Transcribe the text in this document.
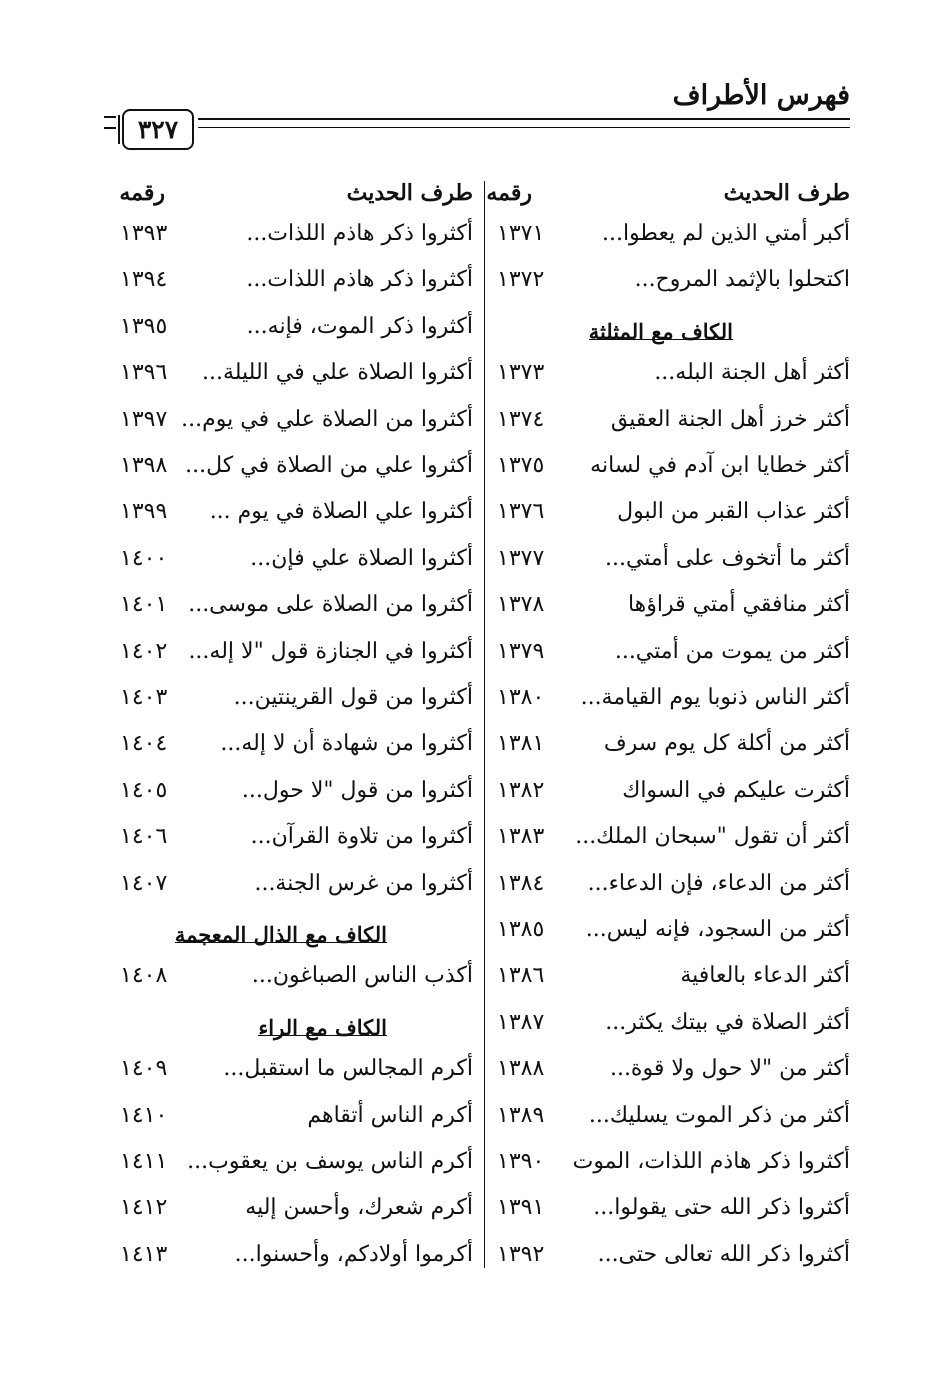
فهرس الأطراف
٣٢٧
طرف الحديث
رقمه
طرف الحديث
رقمه
أكبر أمتي الذين لم يعطوا...
١٣٧١
اكتحلوا بالإثمد المروح...
١٣٧٢
الكاف مع المثلثة
أكثر أهل الجنة البله...
١٣٧٣
أكثر خرز أهل الجنة العقيق
١٣٧٤
أكثر خطايا ابن آدم في لسانه
١٣٧٥
أكثر عذاب القبر من البول
١٣٧٦
أكثر ما أتخوف على أمتي...
١٣٧٧
أكثر منافقي أمتي قراؤها
١٣٧٨
أكثر من يموت من أمتي...
١٣٧٩
أكثر الناس ذنوبا يوم القيامة...
١٣٨٠
أكثر من أكلة كل يوم سرف
١٣٨١
أكثرت عليكم في السواك
١٣٨٢
أكثر أن تقول "سبحان الملك...
١٣٨٣
أكثر من الدعاء، فإن الدعاء...
١٣٨٤
أكثر من السجود، فإنه ليس...
١٣٨٥
أكثر الدعاء بالعافية
١٣٨٦
أكثر الصلاة في بيتك يكثر...
١٣٨٧
أكثر من "لا حول ولا قوة...
١٣٨٨
أكثر من ذكر الموت يسليك...
١٣٨٩
أكثروا ذكر هاذم اللذات، الموت
١٣٩٠
أكثروا ذكر الله حتى يقولوا...
١٣٩١
أكثروا ذكر الله تعالى حتى...
١٣٩٢
أكثروا ذكر هاذم اللذات...
١٣٩٣
أكثروا ذكر هاذم اللذات...
١٣٩٤
أكثروا ذكر الموت، فإنه...
١٣٩٥
أكثروا الصلاة علي في الليلة...
١٣٩٦
أكثروا من الصلاة علي في يوم...
١٣٩٧
أكثروا علي من الصلاة في كل...
١٣٩٨
أكثروا علي الصلاة في يوم ...
١٣٩٩
أكثروا الصلاة علي فإن...
١٤٠٠
أكثروا من الصلاة على موسى...
١٤٠١
أكثروا في الجنازة قول "لا إله...
١٤٠٢
أكثروا من قول القرينتين...
١٤٠٣
أكثروا من شهادة أن لا إله...
١٤٠٤
أكثروا من قول "لا حول...
١٤٠٥
أكثروا من تلاوة القرآن...
١٤٠٦
أكثروا من غرس الجنة...
١٤٠٧
الكاف مع الذال المعجمة
أكذب الناس الصباغون...
١٤٠٨
الكاف مع الراء
أكرم المجالس ما استقبل...
١٤٠٩
أكرم الناس أتقاهم
١٤١٠
أكرم الناس يوسف بن يعقوب...
١٤١١
أكرم شعرك، وأحسن إليه
١٤١٢
أكرموا أولادكم، وأحسنوا...
١٤١٣
